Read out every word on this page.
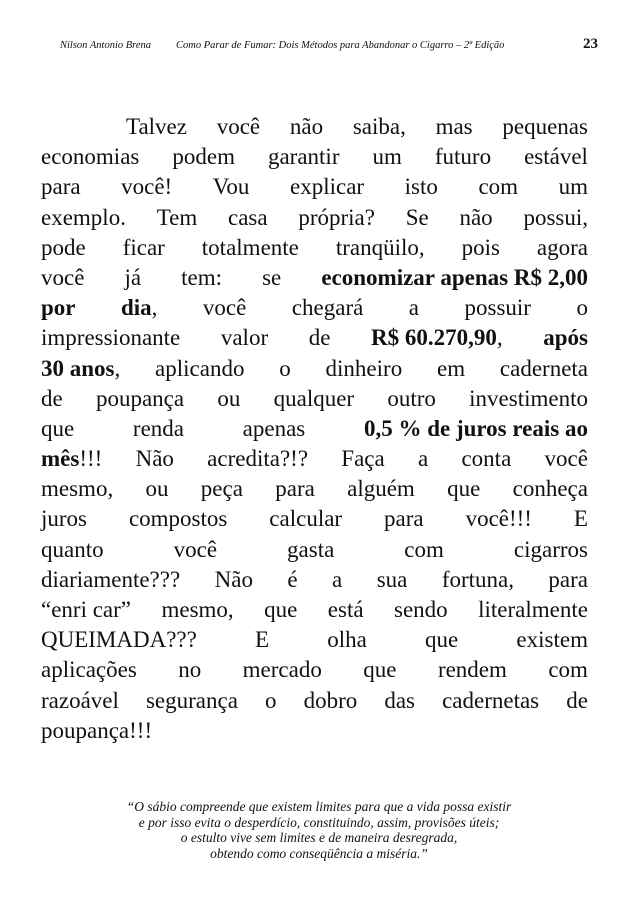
Nilson Antonio Brena Como Parar de Fumar: Dois Métodos para Abandonar o Cigarro – 2ª Edição	23
Talvez você não saiba, mas pequenas
economias podem garantir um futuro estável
para você! Vou explicar isto com um
exemplo. Tem casa própria? Se não possui,
pode ficar totalmente tranqüilo, pois agora
você já tem: se economizar apenas R$ 2,00
por dia, você chegará a possuir o
impressionante valor de R$ 60.270,90, após
30 anos, aplicando o dinheiro em caderneta
de poupança ou qualquer outro investimento
que	renda	apenas	0,5 % de juros reais ao
mês!!! Não acredita?!? Faça a conta você
mesmo, ou peça para alguém que conheça
juros compostos calcular para você!!! E
quanto	você	gasta	com	cigarros
diariamente??? Não é a sua fortuna, para
“enri car” mesmo, que está sendo literalmente
QUEIMADA???	E	olha	que	existem
aplicações no mercado que rendem com
razoável segurança o dobro das cadernetas de
poupança!!!
“O sábio compreende que existem limites para que a vida possa existir
e por isso evita o desperdício, constituindo, assim, provisões úteis;
o estulto vive sem limites e de maneira desregrada,
obtendo como conseqüência a miséria.”
